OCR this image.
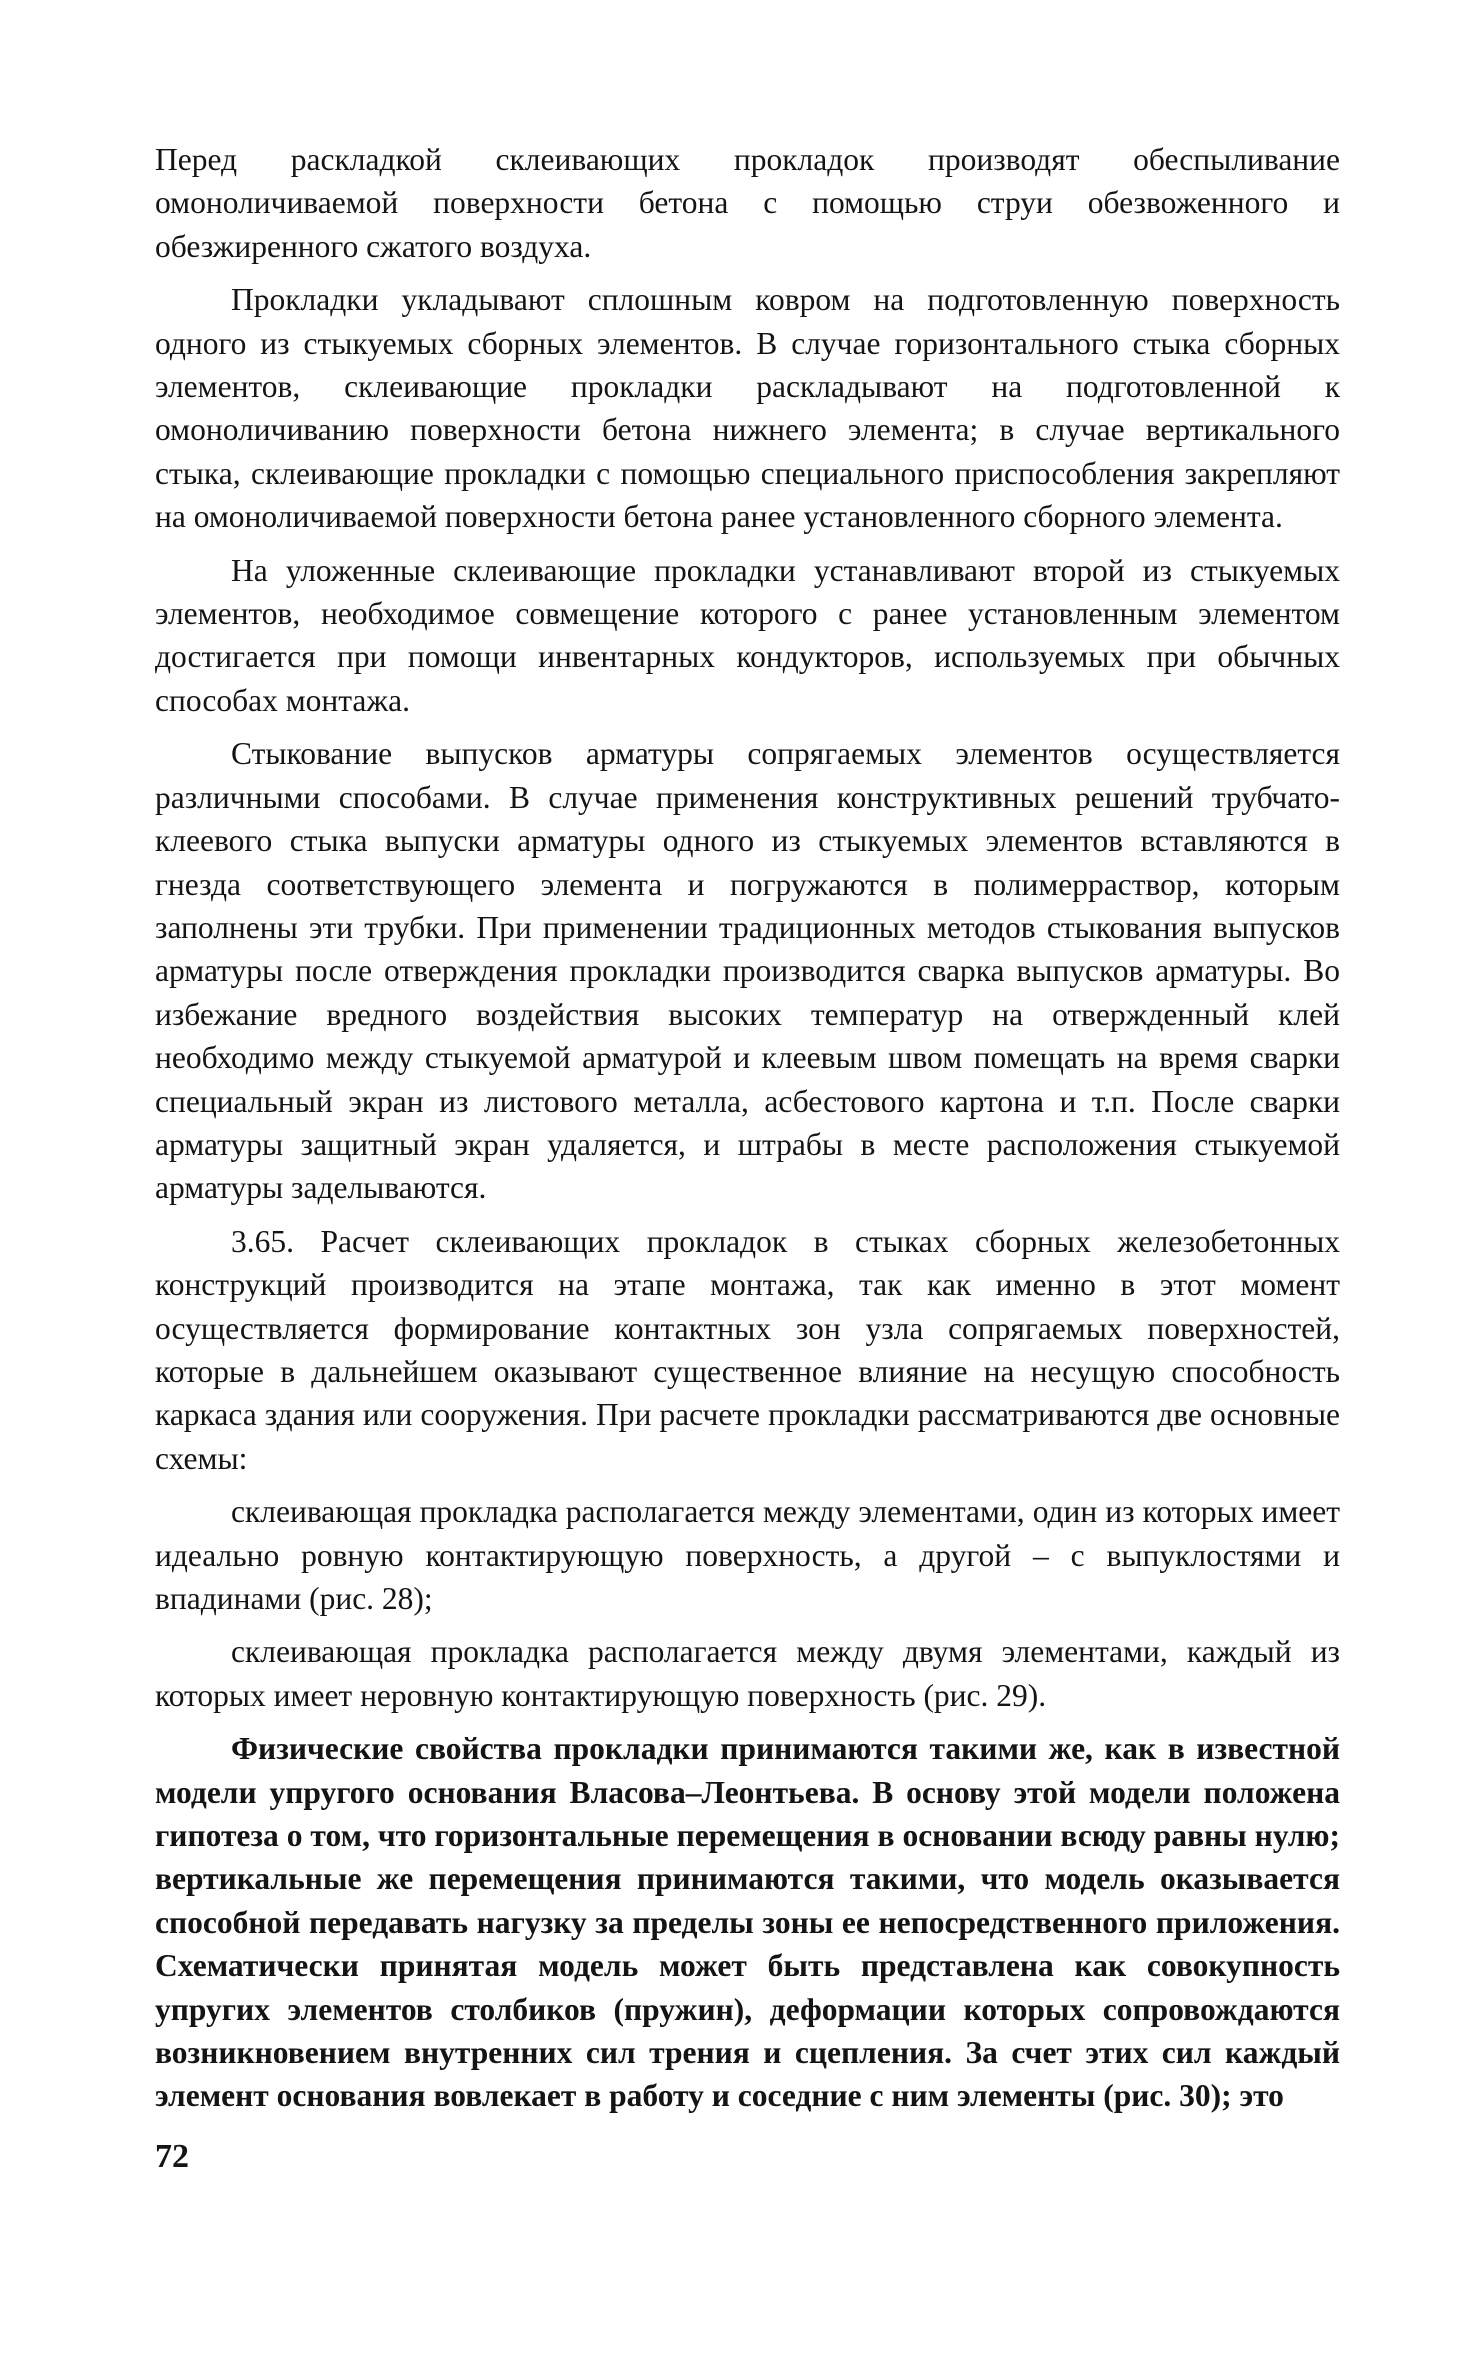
Перед раскладкой склеивающих прокладок производят обеспыливание омоноличиваемой поверхности бетона с помощью струи обезвоженного и обезжиренного сжатого воздуха.

Прокладки укладывают сплошным ковром на подготовленную поверхность одного из стыкуемых сборных элементов. В случае горизонтального стыка сборных элементов, склеивающие прокладки раскладывают на подготовленной к омоноличиванию поверхности бетона нижнего элемента; в случае вертикального стыка, склеивающие прокладки с помощью специального приспособления закрепляют на омоноличиваемой поверхности бетона ранее установленного сборного элемента.

На уложенные склеивающие прокладки устанавливают второй из стыкуемых элементов, необходимое совмещение которого с ранее установленным элементом достигается при помощи инвентарных кондукторов, используемых при обычных способах монтажа.

Стыкование выпусков арматуры сопрягаемых элементов осуществляется различными способами. В случае применения конструктивных решений трубчато-клеевого стыка выпуски арматуры одного из стыкуемых элементов вставляются в гнезда соответствующего элемента и погружаются в полимерраствор, которым заполнены эти трубки. При применении традиционных методов стыкования выпусков арматуры после отверждения прокладки производится сварка выпусков арматуры. Во избежание вредного воздействия высоких температур на отвержденный клей необходимо между стыкуемой арматурой и клеевым швом помещать на время сварки специальный экран из листового металла, асбестового картона и т.п. После сварки арматуры защитный экран удаляется, и штрабы в месте расположения стыкуемой арматуры заделываются.

3.65. Расчет склеивающих прокладок в стыках сборных железобетонных конструкций производится на этапе монтажа, так как именно в этот момент осуществляется формирование контактных зон узла сопрягаемых поверхностей, которые в дальнейшем оказывают существенное влияние на несущую способность каркаса здания или сооружения. При расчете прокладки рассматриваются две основные схемы:

склеивающая прокладка располагается между элементами, один из которых имеет идеально ровную контактирующую поверхность, а другой – с выпуклостями и впадинами (рис. 28);

склеивающая прокладка располагается между двумя элементами, каждый из которых имеет неровную контактирующую поверхность (рис. 29).

Физические свойства прокладки принимаются такими же, как в известной модели упругого основания Власова–Леонтьева. В основу этой модели положена гипотеза о том, что горизонтальные перемещения в основании всюду равны нулю; вертикальные же перемещения принимаются такими, что модель оказывается способной передавать нагузку за пределы зоны ее непосредственного приложения. Схематически принятая модель может быть представлена как совокупность упругих элементов столбиков (пружин), деформации которых сопровождаются возникновением внутренних сил трения и сцепления. За счет этих сил каждый элемент основания вовлекает в работу и соседние с ним элементы (рис. 30); это

72
